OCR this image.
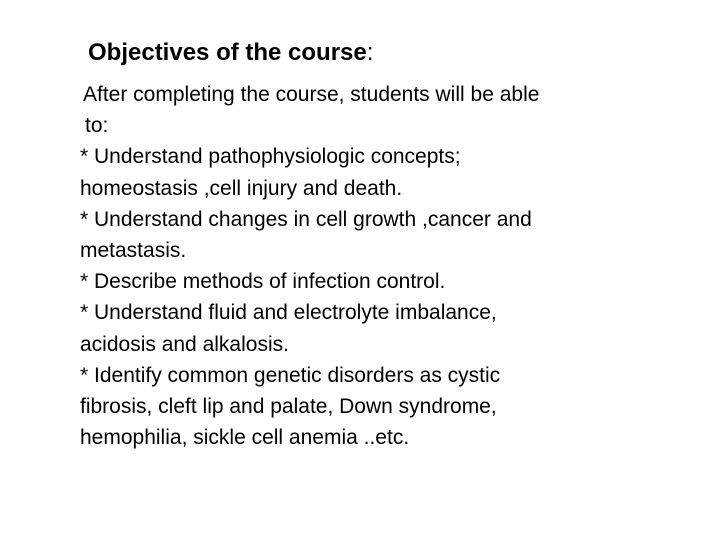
Objectives of the course:
After completing the course, students will be able
to:
* Understand pathophysiologic concepts;
homeostasis ,cell injury and death.
* Understand changes in cell growth ,cancer and
metastasis.
* Describe methods of infection control.
* Understand fluid and electrolyte imbalance,
acidosis and alkalosis.
* Identify common genetic disorders as cystic
fibrosis, cleft lip and palate, Down syndrome,
hemophilia, sickle cell anemia ..etc.
